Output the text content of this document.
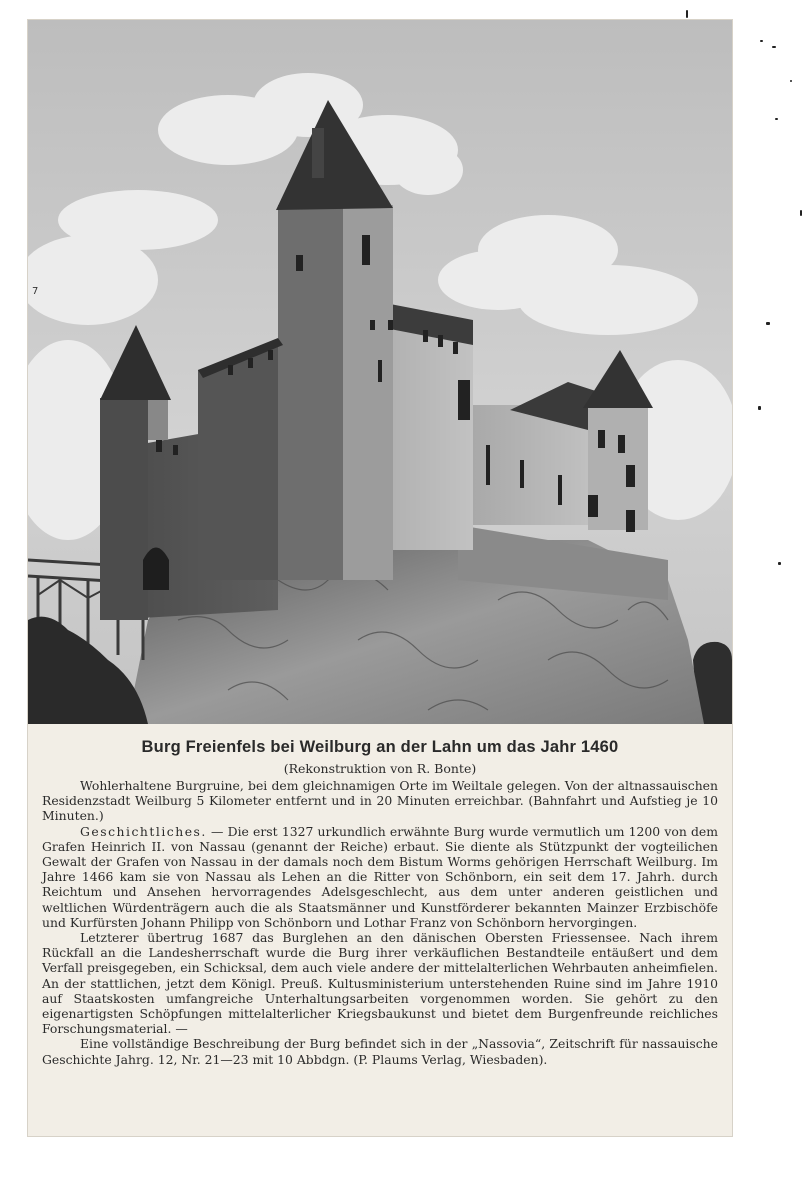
Burg Freienfels bei Weilburg an der Lahn um das Jahr 1460
(Rekonstruktion von R. Bonte)

Wohlerhaltene Burgruine, bei dem gleichnamigen Orte im Weiltale gelegen. Von der altnassauischen Residenzstadt Weilburg 5 Kilometer entfernt und in 20 Minuten erreichbar. (Bahnfahrt und Aufstieg je 10 Minuten.)

Geschichtliches. — Die erst 1327 urkundlich erwähnte Burg wurde vermutlich um 1200 von dem Grafen Heinrich II. von Nassau (genannt der Reiche) erbaut. Sie diente als Stützpunkt der vogteilichen Gewalt der Grafen von Nassau in der damals noch dem Bistum Worms gehörigen Herrschaft Weilburg. Im Jahre 1466 kam sie von Nassau als Lehen an die Ritter von Schönborn, ein seit dem 17. Jahrh. durch Reichtum und Ansehen hervorragendes Adelsgeschlecht, aus dem unter anderen geistlichen und weltlichen Würdenträgern auch die als Staatsmänner und Kunstförderer bekannten Mainzer Erzbischöfe und Kurfürsten Johann Philipp von Schönborn und Lothar Franz von Schönborn hervorgingen.

Letzterer übertrug 1687 das Burglehen an den dänischen Obersten Friessensee. Nach ihrem Rückfall an die Landesherrschaft wurde die Burg ihrer verkäuflichen Bestandteile entäußert und dem Verfall preisgegeben, ein Schicksal, dem auch viele andere der mittelalterlichen Wehrbauten anheimfielen. An der stattlichen, jetzt dem Königl. Preuß. Kultusministerium unterstehenden Ruine sind im Jahre 1910 auf Staatskosten umfangreiche Unterhaltungsarbeiten vorgenommen worden. Sie gehört zu den eigenartigsten Schöpfungen mittelalterlicher Kriegsbaukunst und bietet dem Burgenfreunde reichliches Forschungsmaterial. —

Eine vollständige Beschreibung der Burg befindet sich in der „Nassovia“, Zeitschrift für nassauische Geschichte Jahrg. 12, Nr. 21—23 mit 10 Abbdgn. (P. Plaums Verlag, Wiesbaden).

7
